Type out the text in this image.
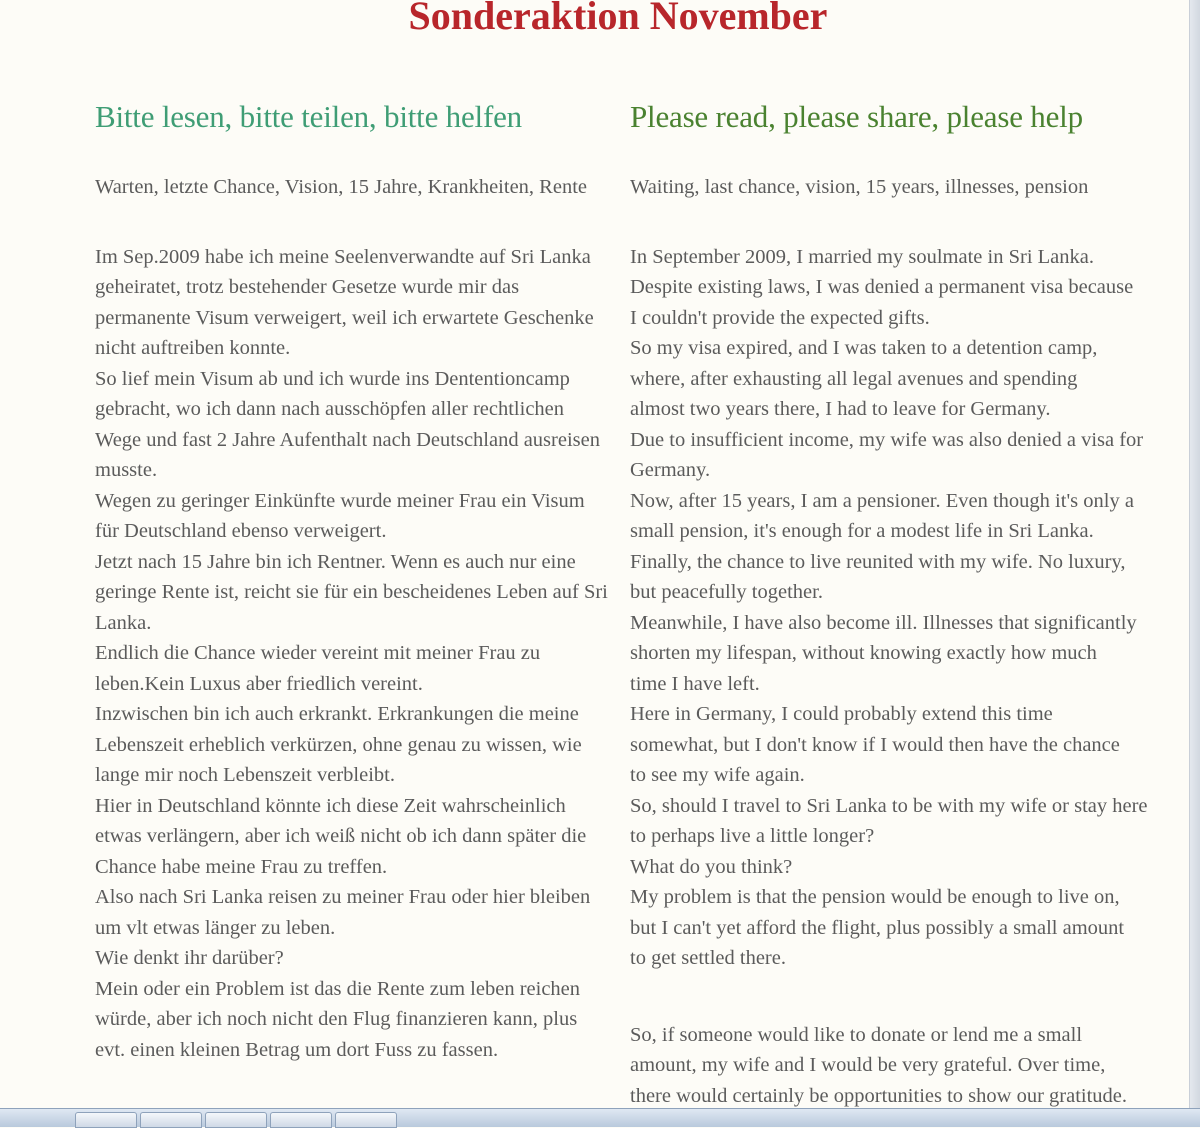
Sonderaktion November
Bitte lesen, bitte teilen, bitte helfen

Warten, letzte Chance, Vision, 15 Jahre, Krankheiten, Rente

Im Sep.2009 habe ich meine Seelenverwandte auf Sri Lanka
geheiratet, trotz bestehender Gesetze wurde mir das
permanente Visum verweigert, weil ich erwartete Geschenke
nicht auftreiben konnte.
So lief mein Visum ab und ich wurde ins Dententioncamp
gebracht, wo ich dann nach ausschöpfen aller rechtlichen
Wege und fast 2 Jahre Aufenthalt nach Deutschland ausreisen
musste.
Wegen zu geringer Einkünfte wurde meiner Frau ein Visum
für Deutschland ebenso verweigert.
Jetzt nach 15 Jahre bin ich Rentner. Wenn es auch nur eine
geringe Rente ist, reicht sie für ein bescheidenes Leben auf Sri
Lanka.
Endlich die Chance wieder vereint mit meiner Frau zu
leben.Kein Luxus aber friedlich vereint.
Inzwischen bin ich auch erkrankt. Erkrankungen die meine
Lebenszeit erheblich verkürzen, ohne genau zu wissen, wie
lange mir noch Lebenszeit verbleibt.
Hier in Deutschland könnte ich diese Zeit wahrscheinlich
etwas verlängern, aber ich weiß nicht ob ich dann später die
Chance habe meine Frau zu treffen.
Also nach Sri Lanka reisen zu meiner Frau oder hier bleiben
um vlt etwas länger zu leben.
Wie denkt ihr darüber?
Mein oder ein Problem ist das die Rente zum leben reichen
würde, aber ich noch nicht den Flug finanzieren kann, plus
evt. einen kleinen Betrag um dort Fuss zu fassen.
Please read, please share, please help

Waiting, last chance, vision, 15 years, illnesses, pension

In September 2009, I married my soulmate in Sri Lanka.
Despite existing laws, I was denied a permanent visa because
I couldn't provide the expected gifts.
So my visa expired, and I was taken to a detention camp,
where, after exhausting all legal avenues and spending
almost two years there, I had to leave for Germany.
Due to insufficient income, my wife was also denied a visa for
Germany.
Now, after 15 years, I am a pensioner. Even though it's only a
small pension, it's enough for a modest life in Sri Lanka.
Finally, the chance to live reunited with my wife. No luxury,
but peacefully together.
Meanwhile, I have also become ill. Illnesses that significantly
shorten my lifespan, without knowing exactly how much
time I have left.
Here in Germany, I could probably extend this time
somewhat, but I don't know if I would then have the chance
to see my wife again.
So, should I travel to Sri Lanka to be with my wife or stay here
to perhaps live a little longer?
What do you think?
My problem is that the pension would be enough to live on,
but I can't yet afford the flight, plus possibly a small amount
to get settled there.
So, if someone would like to donate or lend me a small
amount, my wife and I would be very grateful. Over time,
there would certainly be opportunities to show our gratitude.
